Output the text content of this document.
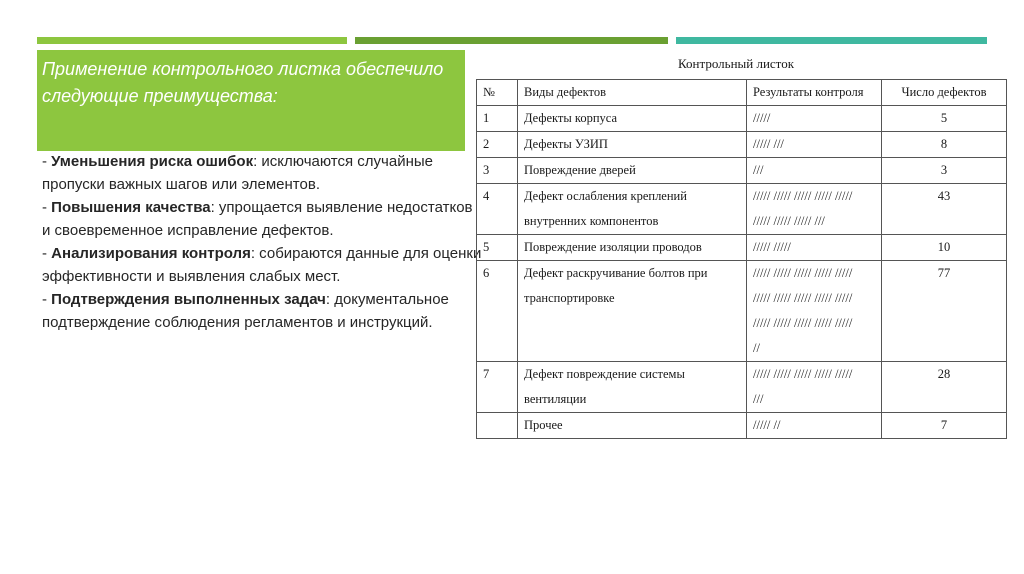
Применение контрольного листка обеспечило следующие преимущества:

- Уменьшения риска ошибок: исключаются случайные пропуски важных шагов или элементов.

- Повышения качества: упрощается выявление недостатков и своевременное исправление дефектов.

- Анализирования контроля: собираются данные для оценки эффективности и выявления слабых мест.

- Подтверждения выполненных задач: документальное подтверждение соблюдения регламентов и инструкций.

Контрольный листок
№	Виды дефектов	Результаты контроля	Число дефектов
1	Дефекты корпуса	/////	5
2	Дефекты УЗИП	///// ///	8
3	Повреждение дверей	///	3
4	Дефект ослабления креплений внутренних компонентов	///// ///// ///// ///// /////
///// ///// ///// ///	43
5	Повреждение изоляции проводов	///// /////	10
6	Дефект раскручивание болтов при транспортировке	///// ///// ///// ///// /////
///// ///// ///// ///// /////
///// ///// ///// ///// /////
//	77
7	Дефект повреждение системы вентиляции	///// ///// ///// ///// /////
///	28
	Прочее	///// //	7
